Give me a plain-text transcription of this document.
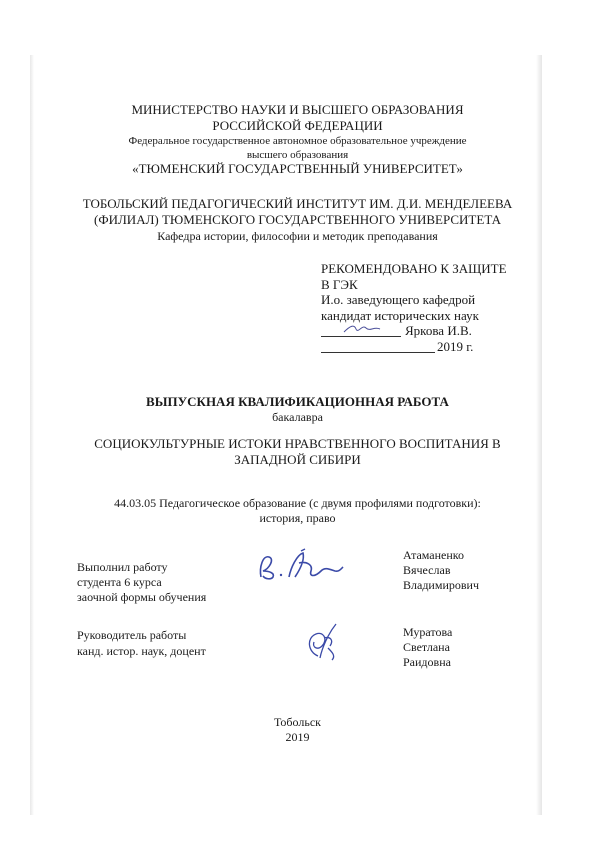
МИНИСТЕРСТВО НАУКИ И ВЫСШЕГО ОБРАЗОВАНИЯ
РОССИЙСКОЙ ФЕДЕРАЦИИ
Федеральное государственное автономное образовательное учреждение
высшего образования
«ТЮМЕНСКИЙ ГОСУДАРСТВЕННЫЙ УНИВЕРСИТЕТ»
ТОБОЛЬСКИЙ ПЕДАГОГИЧЕСКИЙ ИНСТИТУТ ИМ. Д.И. МЕНДЕЛЕЕВА
(ФИЛИАЛ) ТЮМЕНСКОГО ГОСУДАРСТВЕННОГО УНИВЕРСИТЕТА
Кафедра истории, философии и методик преподавания
РЕКОМЕНДОВАНО К ЗАЩИТЕ
В ГЭК
И.о. заведующего кафедрой
кандидат исторических наук
Яркова И.В.
2019 г.
ВЫПУСКНАЯ КВАЛИФИКАЦИОННАЯ РАБОТА
бакалавра
СОЦИОКУЛЬТУРНЫЕ ИСТОКИ НРАВСТВЕННОГО ВОСПИТАНИЯ В
ЗАПАДНОЙ СИБИРИ
44.03.05 Педагогическое образование (с двумя профилями подготовки):
история, право
Выполнил работу
студента 6 курса
заочной формы обучения
Атаманенко
Вячеслав
Владимирович
Руководитель работы
канд. истор. наук, доцент
Муратова
Светлана
Раидовна
Тобольск
2019
